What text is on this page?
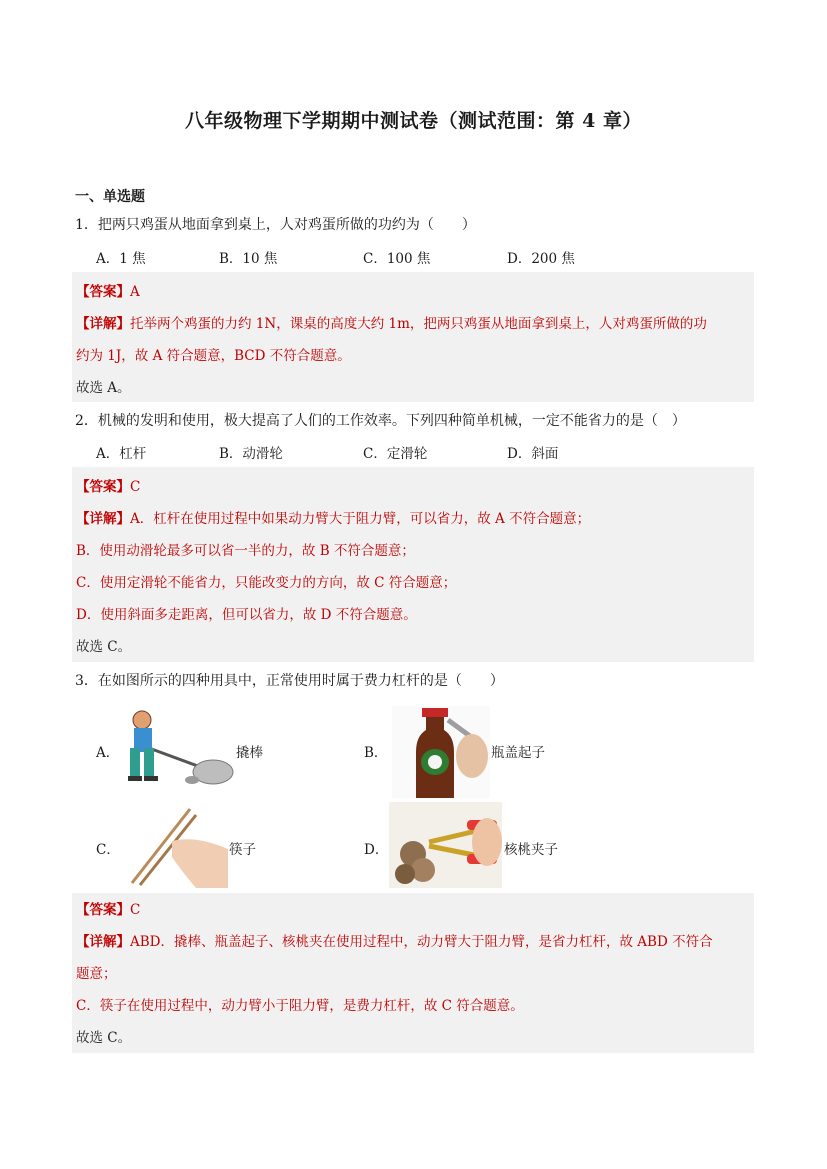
八年级物理下学期期中测试卷（测试范围：第 4 章）
一、单选题
1．把两只鸡蛋从地面拿到桌上，人对鸡蛋所做的功约为（　　）
A．1 焦	B．10 焦	C．100 焦	D．200 焦
【答案】A
【详解】托举两个鸡蛋的力约 1N，课桌的高度大约 1m，把两只鸡蛋从地面拿到桌上，人对鸡蛋所做的功
约为 1J，故 A 符合题意，BCD 不符合题意。
故选 A。
2．机械的发明和使用，极大提高了人们的工作效率。下列四种简单机械，一定不能省力的是（　）
A．杠杆	B．动滑轮	C．定滑轮	D．斜面
【答案】C
【详解】A．杠杆在使用过程中如果动力臂大于阻力臂，可以省力，故 A 不符合题意；
B．使用动滑轮最多可以省一半的力，故 B 不符合题意；
C．使用定滑轮不能省力，只能改变力的方向，故 C 符合题意；
D．使用斜面多走距离，但可以省力，故 D 不符合题意。
故选 C。
3．在如图所示的四种用具中，正常使用时属于费力杠杆的是（　　）
A．	撬棒	B．	瓶盖起子
C．	筷子	D．	核桃夹子
【答案】C
【详解】ABD．撬棒、瓶盖起子、核桃夹在使用过程中，动力臂大于阻力臂，是省力杠杆，故 ABD 不符合
题意；
C．筷子在使用过程中，动力臂小于阻力臂，是费力杠杆，故 C 符合题意。
故选 C。
